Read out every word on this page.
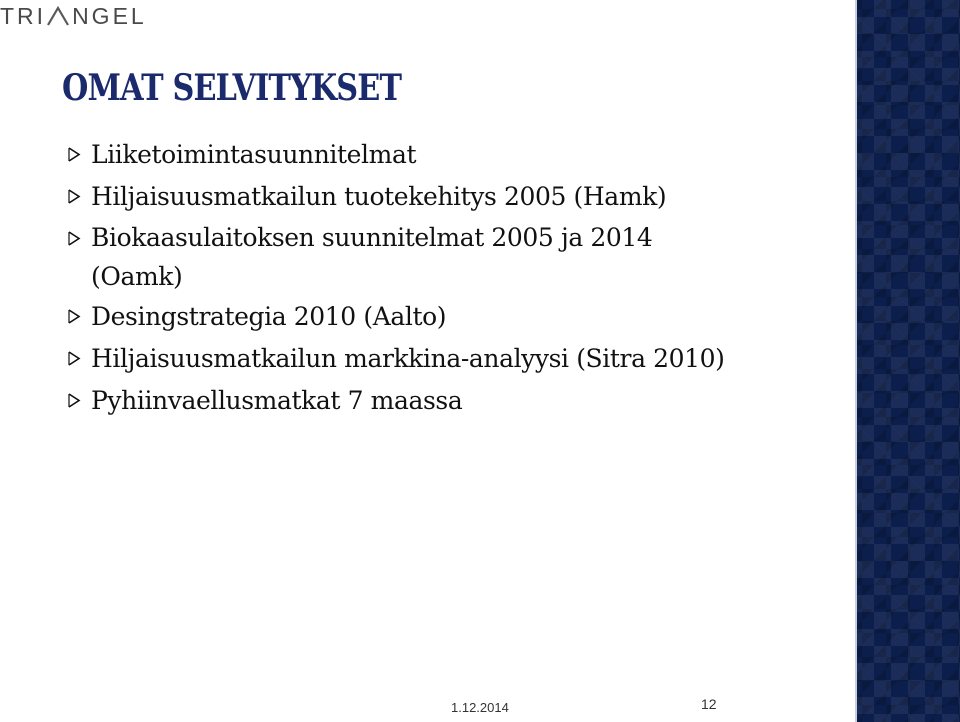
TRI NGEL
OMAT SELVITYKSET
Liiketoimintasuunnitelmat
Hiljaisuusmatkailun tuotekehitys 2005 (Hamk)
Biokaasulaitoksen suunnitelmat 2005 ja 2014 (Oamk)
Desingstrategia 2010 (Aalto)
Hiljaisuusmatkailun markkina-analyysi (Sitra 2010)
Pyhiinvaellusmatkat 7 maassa
1.12.2014	12
